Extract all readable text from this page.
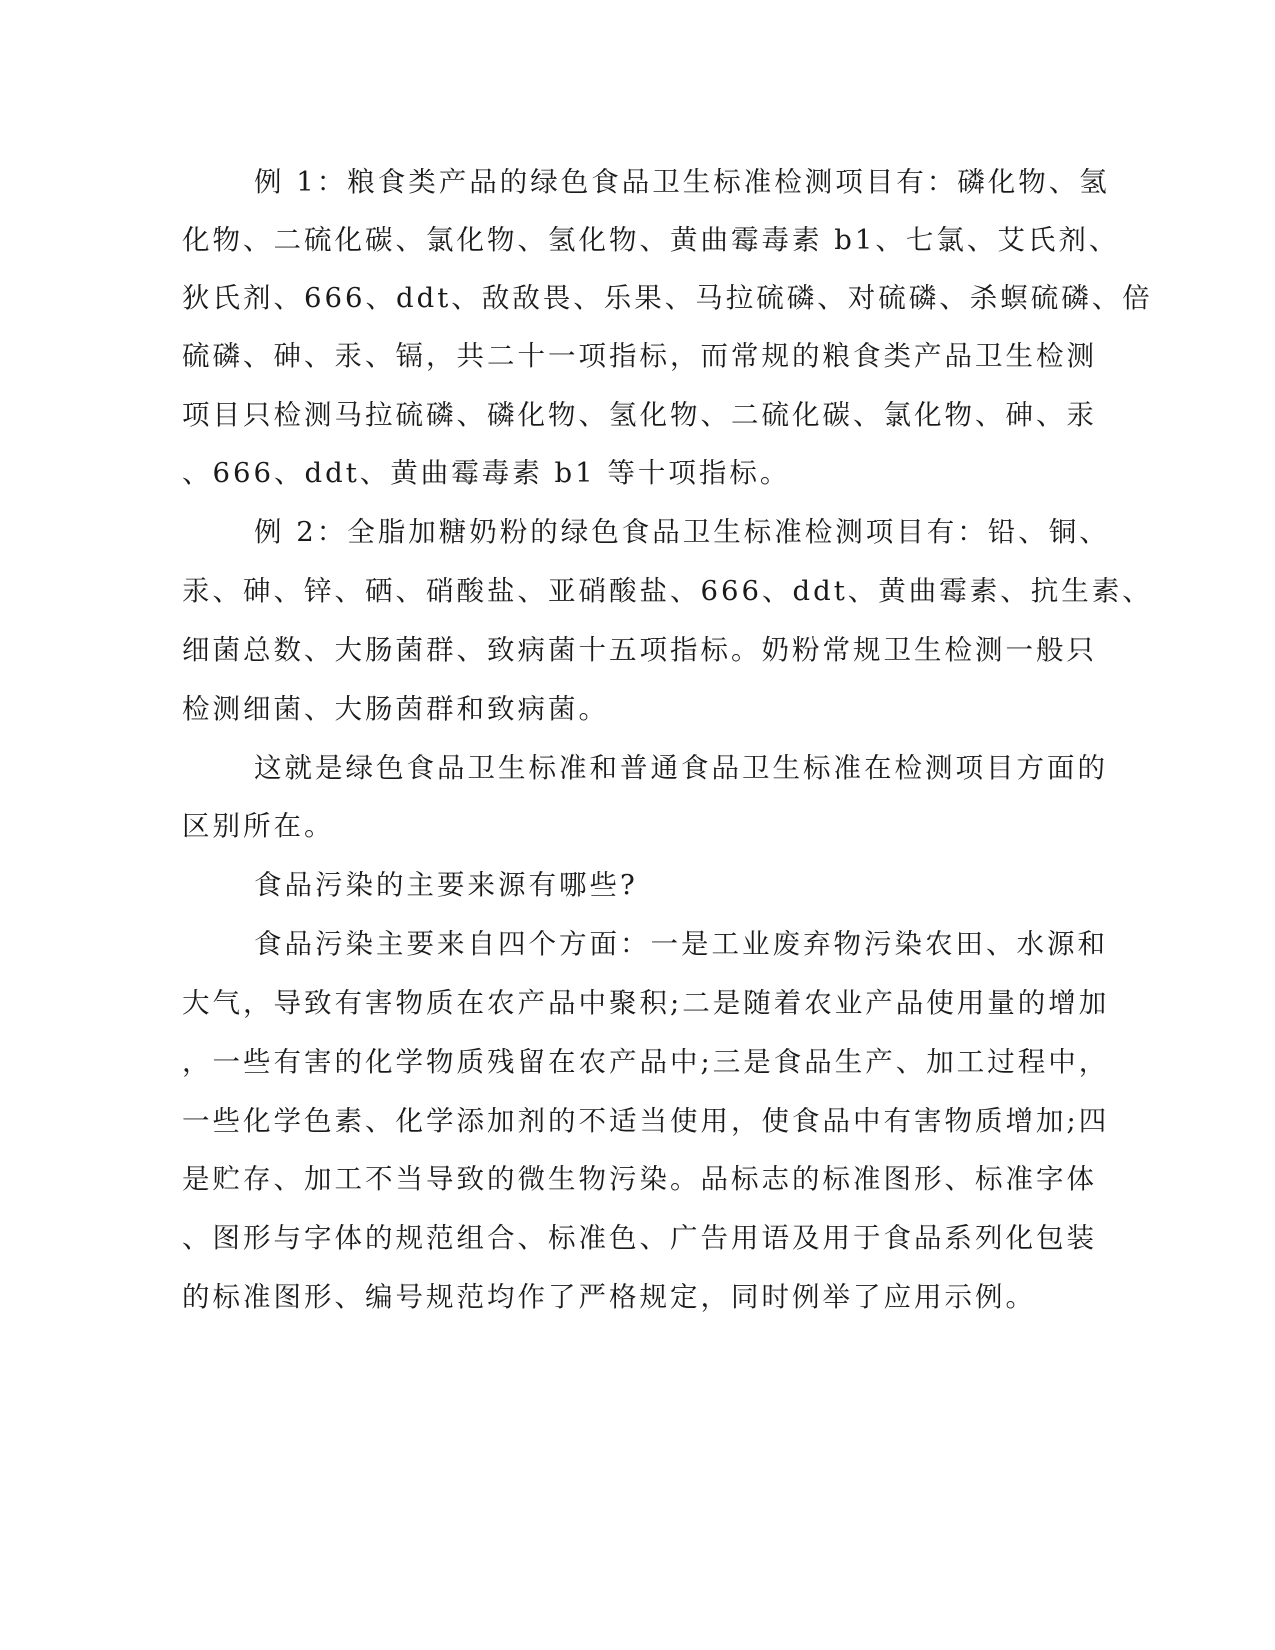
例 1：粮食类产品的绿色食品卫生标准检测项目有：磷化物、氢
化物、二硫化碳、氯化物、氢化物、黄曲霉毒素 b1、七氯、艾氏剂、
狄氏剂、666、ddt、敌敌畏、乐果、马拉硫磷、对硫磷、杀螟硫磷、倍
硫磷、砷、汞、镉，共二十一项指标，而常规的粮食类产品卫生检测
项目只检测马拉硫磷、磷化物、氢化物、二硫化碳、氯化物、砷、汞
、666、ddt、黄曲霉毒素 b1 等十项指标。
例 2：全脂加糖奶粉的绿色食品卫生标准检测项目有：铅、铜、
汞、砷、锌、硒、硝酸盐、亚硝酸盐、666、ddt、黄曲霉素、抗生素、
细菌总数、大肠菌群、致病菌十五项指标。奶粉常规卫生检测一般只
检测细菌、大肠茵群和致病菌。
这就是绿色食品卫生标准和普通食品卫生标准在检测项目方面的
区别所在。
食品污染的主要来源有哪些?
食品污染主要来自四个方面：一是工业废弃物污染农田、水源和
大气，导致有害物质在农产品中聚积;二是随着农业产品使用量的增加
，一些有害的化学物质残留在农产品中;三是食品生产、加工过程中，
一些化学色素、化学添加剂的不适当使用，使食品中有害物质增加;四
是贮存、加工不当导致的微生物污染。品标志的标准图形、标准字体
、图形与字体的规范组合、标准色、广告用语及用于食品系列化包装
的标准图形、编号规范均作了严格规定，同时例举了应用示例。
